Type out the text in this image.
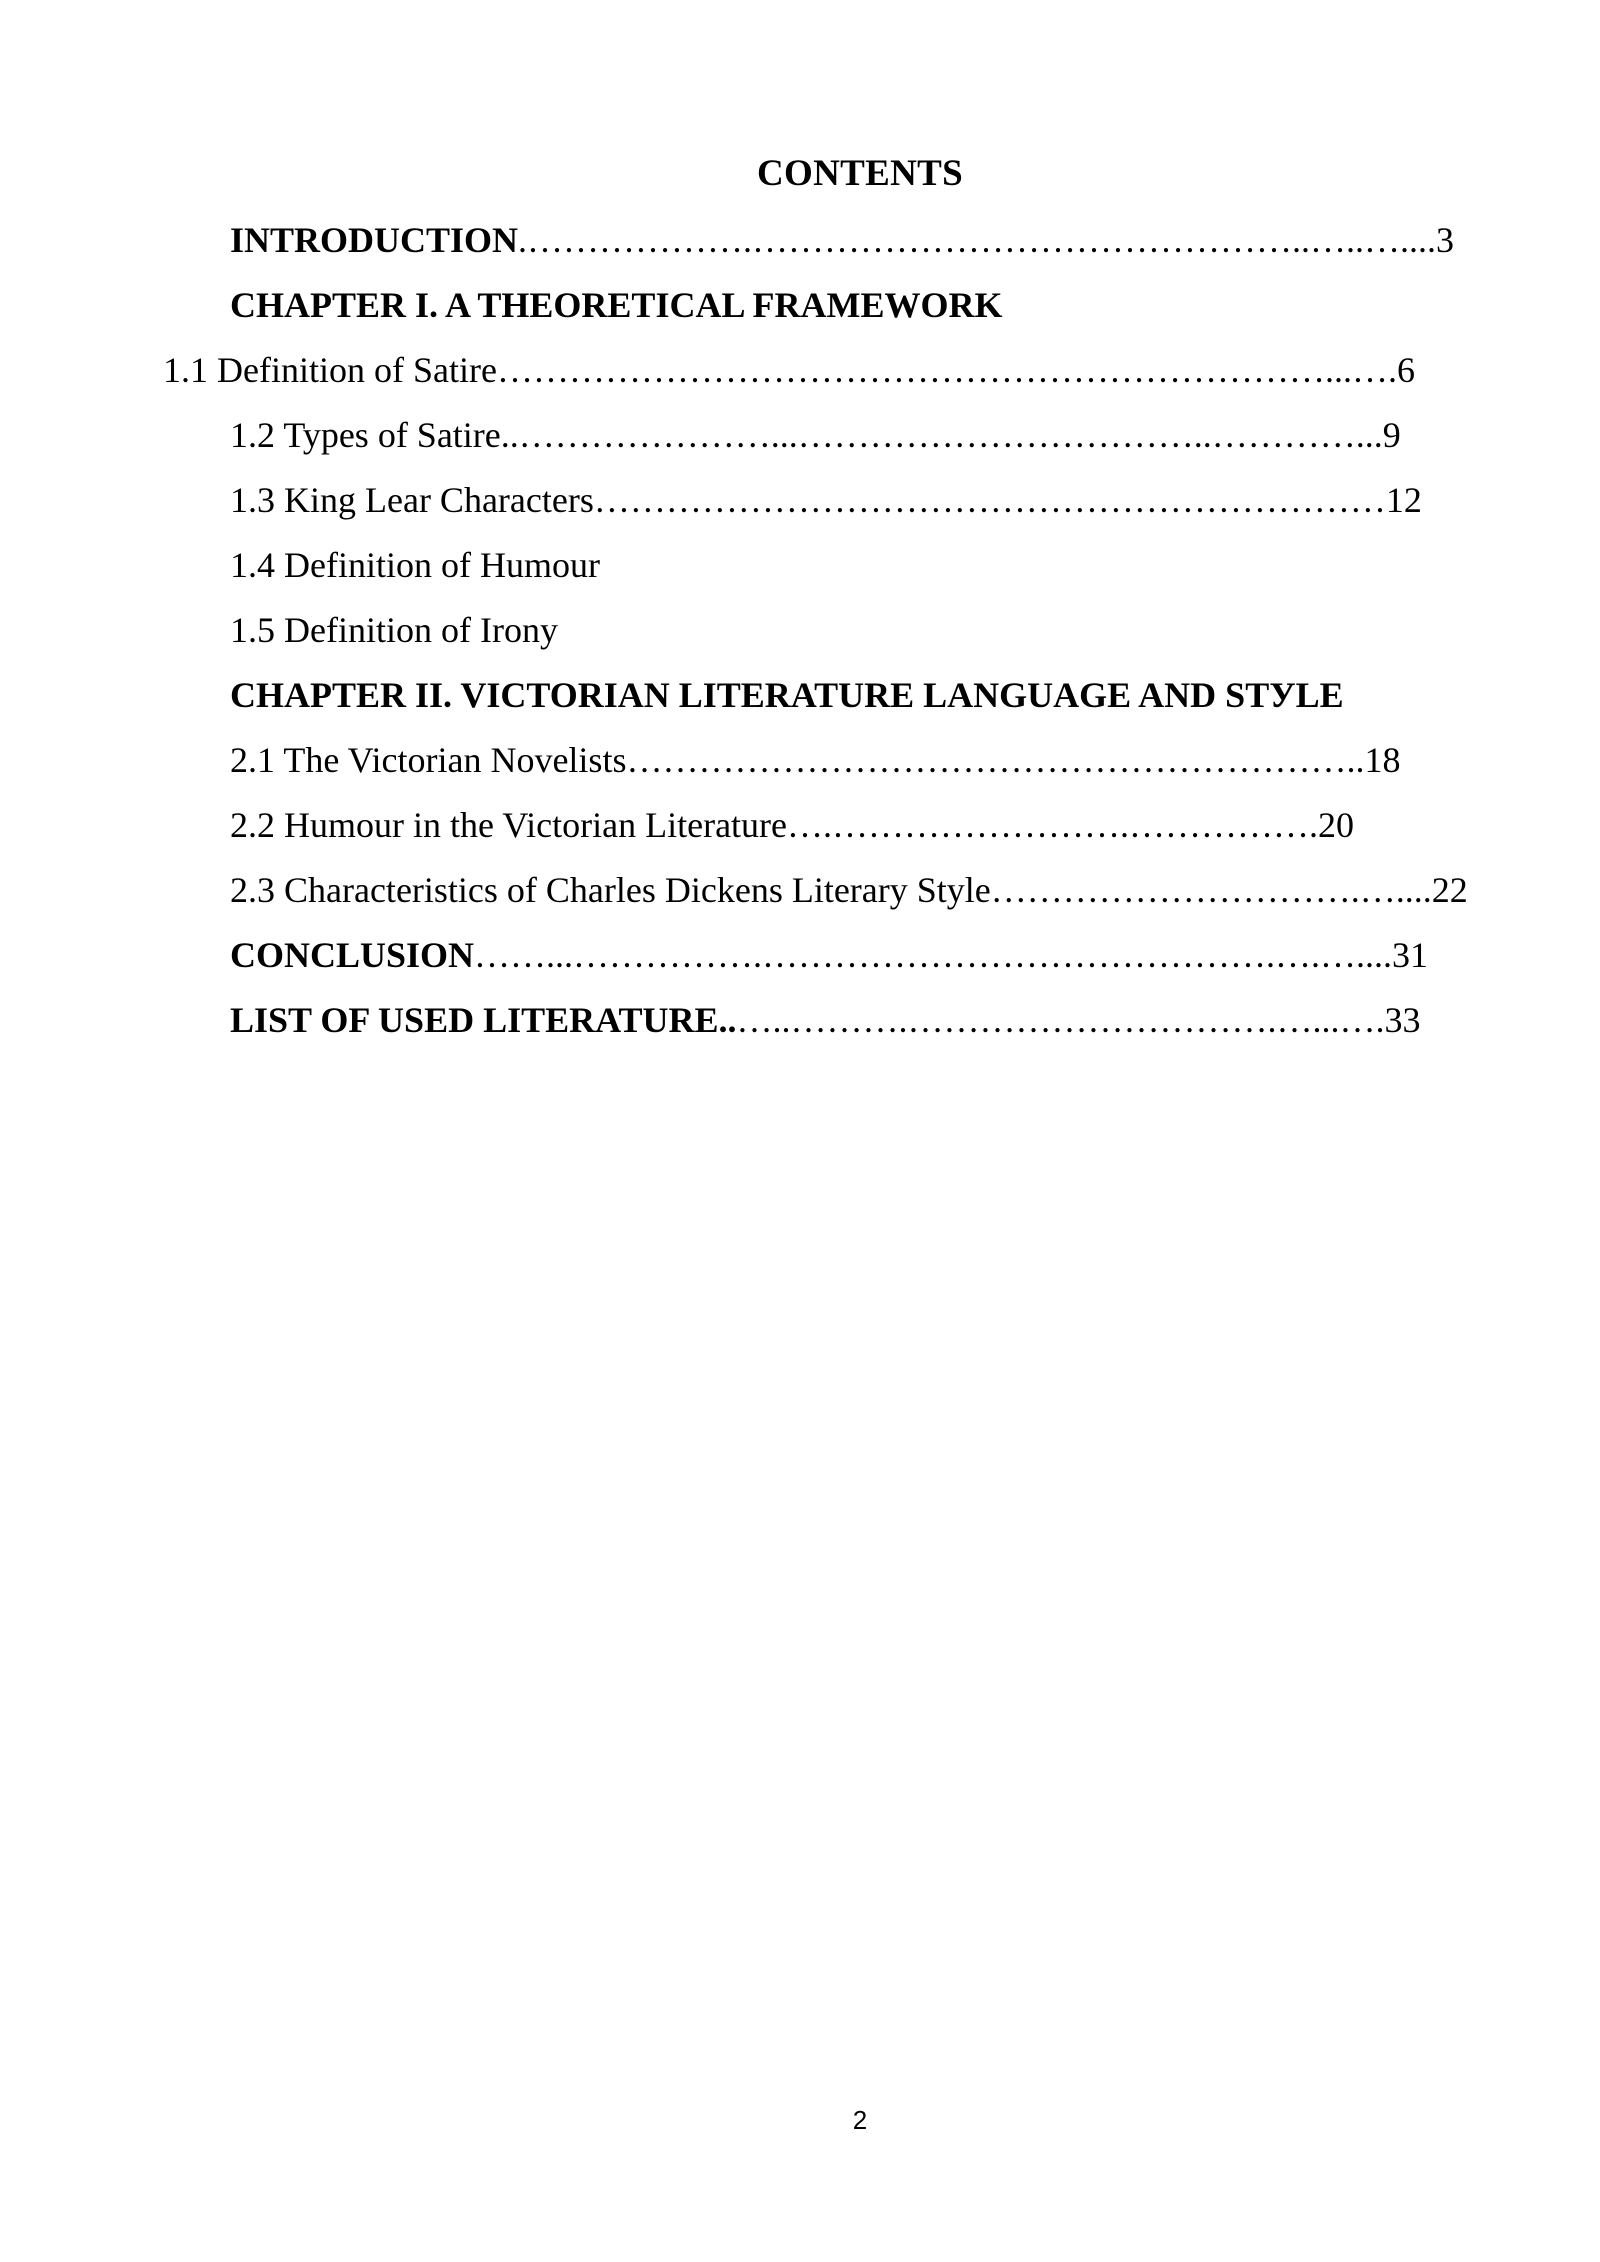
CONTENTS
INTRODUCTION.……………….………………………………………..…..…....3
CHAPTER I. A THEORETICAL FRAMEWORK
1.1 Definition of Satire……………………………………………………………...….6
1.2 Types of Satire..…………………...……………………………..…………...9
1.3 King Lear Characters…………………………………………………………12
1.4 Definition of Humour
1.5 Definition of Irony
CHAPTER II. VICTORIAN LITERATURE LANGUAGE AND STУLE
2.1 The Victorian Novelists……………………………………………………..18
2.2 Humour in the Victorian Literature….…………………….…………….20
2.3 Characteristics of Charles Dickens Literary Style………………………….…....22
CONCLUSION……...…………….…………………………………….….…....31
LIST OF USED LITERATURE..…..……….………………………….…...….33
2
